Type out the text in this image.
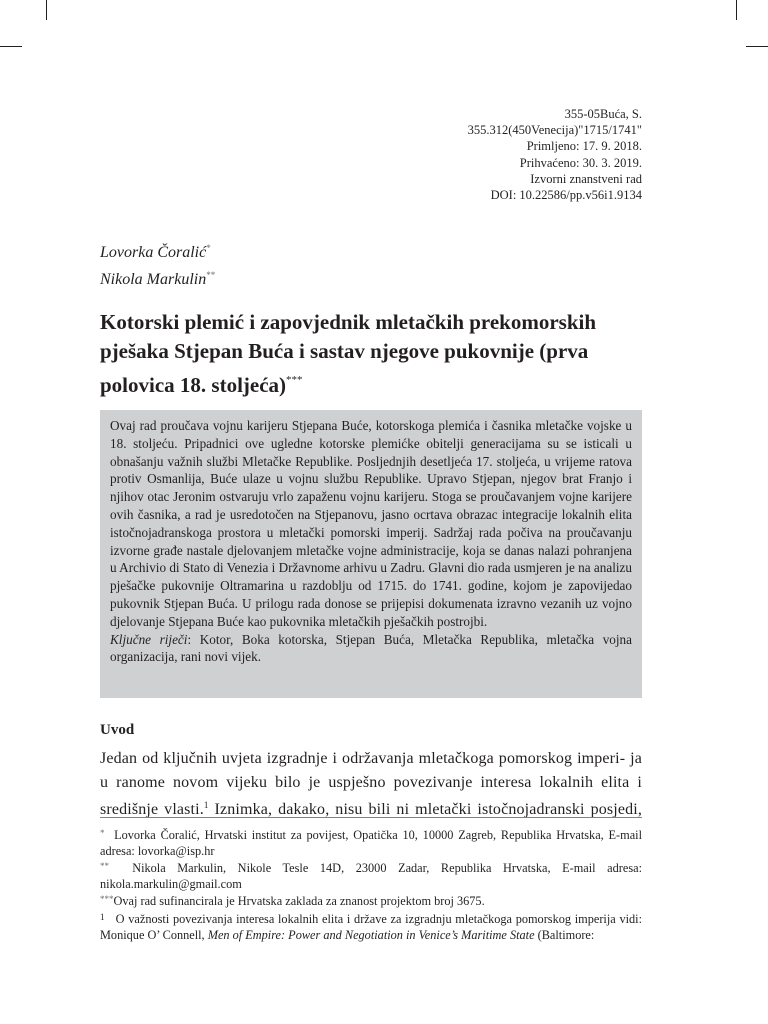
355-05Buća, S.
355.312(450Venecija)"1715/1741"
Primljeno: 17. 9. 2018.
Prihvaćeno: 30. 3. 2019.
Izvorni znanstveni rad
DOI: 10.22586/pp.v56i1.9134
Lovorka Čoralić*
Nikola Markulin**
Kotorski plemić i zapovjednik mletačkih prekomorskih pješaka Stjepan Buća i sastav njegove pukovnije (prva polovica 18. stoljeća)***

Ovaj rad proučava vojnu karijeru Stjepana Buće, kotorskoga plemića i časnika mletačke vojske u 18. stoljeću. Pripadnici ove ugledne kotorske plemićke obitelji generacijama su se isticali u obnašanju važnih službi Mletačke Republike. Posljednjih desetljeća 17. stoljeća, u vrijeme ratova protiv Osmanlija, Buće ulaze u vojnu službu Republike. Upravo Stjepan, njegov brat Franjo i njihov otac Jeronim ostvaruju vrlo zapaženu vojnu karijeru. Stoga se proučavanjem vojne karijere ovih časnika, a rad je usredotočen na Stjepanovu, jasno ocrtava obrazac integracije lokalnih elita istočnojadranskoga prostora u mletački pomorski imperij. Sadržaj rada počiva na proučavanju izvorne građe nastale djelovanjem mletačke vojne administracije, koja se danas nalazi pohranjena u Archivio di Stato di Venezia i Državnome arhivu u Zadru. Glavni dio rada usmjeren je na analizu pješačke pukovnije Oltramarina u razdoblju od 1715. do 1741. godine, kojom je zapovijedao pukovnik Stjepan Buća. U prilogu rada donose se prijepisi dokumenata izravno vezanih uz vojno djelovanje Stjepana Buće kao pukovnika mletačkih pješačkih postrojbi.

Ključne riječi: Kotor, Boka kotorska, Stjepan Buća, Mletačka Republika, mletačka vojna organizacija, rani novi vijek.

Uvod

Jedan od ključnih uvjeta izgradnje i održavanja mletačkoga pomorskog imperi- ja u ranome novom vijeku bilo je uspješno povezivanje interesa lokalnih elita i središnje vlasti.$^1$ Iznimka, dakako, nisu bili ni mletački istočnojadranski posjedi,

* Lovorka Čoralić, Hrvatski institut za povijest, Opatička 10, 10000 Zagreb, Republika Hrvatska, E-mail adresa: lovorka@isp.hr

** Nikola Markulin, Nikole Tesle 14D, 23000 Zadar, Republika Hrvatska, E-mail adresa: nikola.markulin@gmail.com

***Ovaj rad sufinancirala je Hrvatska zaklada za znanost projektom broj 3675.

$^1$ O važnosti povezivanja interesa lokalnih elita i države za izgradnju mletačkoga pomorskog imperija vidi: Monique O’ Connell, Men of Empire: Power and Negotiation in Venice’s Maritime State (Baltimore:
